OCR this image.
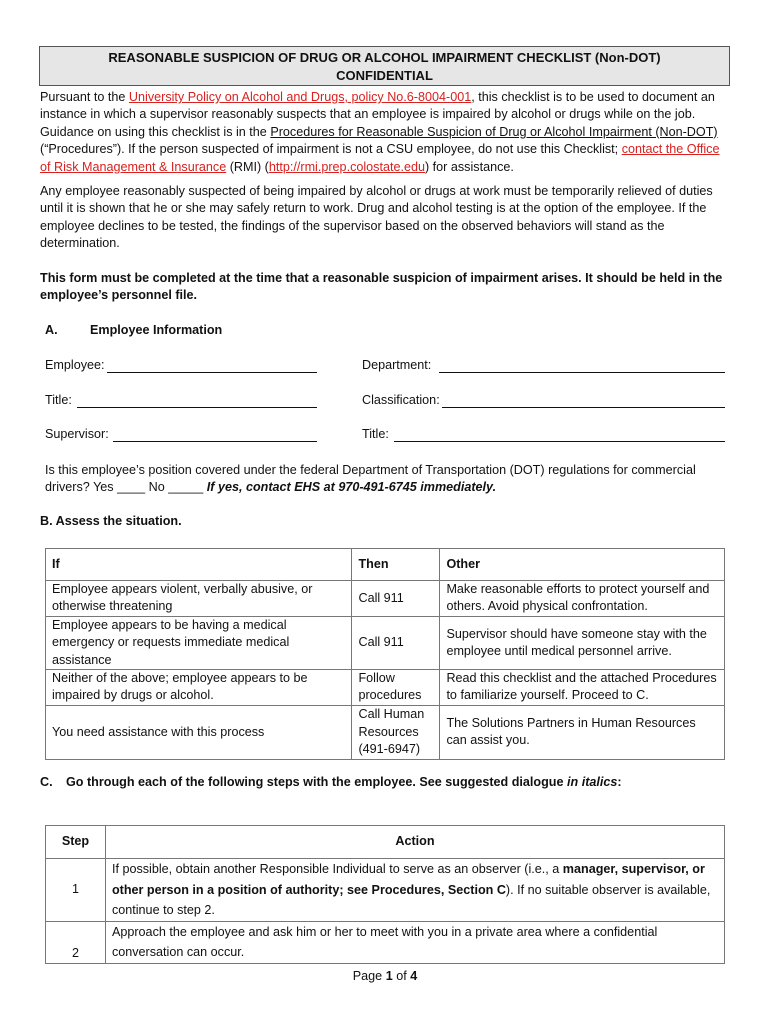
REASONABLE SUSPICION OF DRUG OR ALCOHOL IMPAIRMENT CHECKLIST (Non-DOT)
CONFIDENTIAL
Pursuant to the University Policy on Alcohol and Drugs, policy No.6-8004-001, this checklist is to be used to document an instance in which a supervisor reasonably suspects that an employee is impaired by alcohol or drugs while on the job. Guidance on using this checklist is in the Procedures for Reasonable Suspicion of Drug or Alcohol Impairment (Non-DOT) (“Procedures”). If the person suspected of impairment is not a CSU employee, do not use this Checklist; contact the Office of Risk Management & Insurance (RMI) (http://rmi.prep.colostate.edu) for assistance.
Any employee reasonably suspected of being impaired by alcohol or drugs at work must be temporarily relieved of duties until it is shown that he or she may safely return to work. Drug and alcohol testing is at the option of the employee. If the employee declines to be tested, the findings of the supervisor based on the observed behaviors will stand as the determination.
This form must be completed at the time that a reasonable suspicion of impairment arises. It should be held in the employee’s personnel file.
A.	Employee Information
Employee:	Department:
Title:	Classification:
Supervisor:	Title:
Is this employee’s position covered under the federal Department of Transportation (DOT) regulations for commercial drivers? Yes ____ No _____ If yes, contact EHS at 970-491-6745 immediately.
B. Assess the situation.
If	Then	Other
Employee appears violent, verbally abusive, or otherwise threatening	Call 911	Make reasonable efforts to protect yourself and others. Avoid physical confrontation.
Employee appears to be having a medical emergency or requests immediate medical assistance	Call 911	Supervisor should have someone stay with the employee until medical personnel arrive.
Neither of the above; employee appears to be impaired by drugs or alcohol.	Follow procedures	Read this checklist and the attached Procedures to familiarize yourself. Proceed to C.
You need assistance with this process	Call Human Resources (491-6947)	The Solutions Partners in Human Resources can assist you.
C. Go through each of the following steps with the employee. See suggested dialogue in italics:
Step	Action
1	If possible, obtain another Responsible Individual to serve as an observer (i.e., a manager, supervisor, or other person in a position of authority; see Procedures, Section C). If no suitable observer is available, continue to step 2.
2	Approach the employee and ask him or her to meet with you in a private area where a confidential conversation can occur.
Page 1 of 4
